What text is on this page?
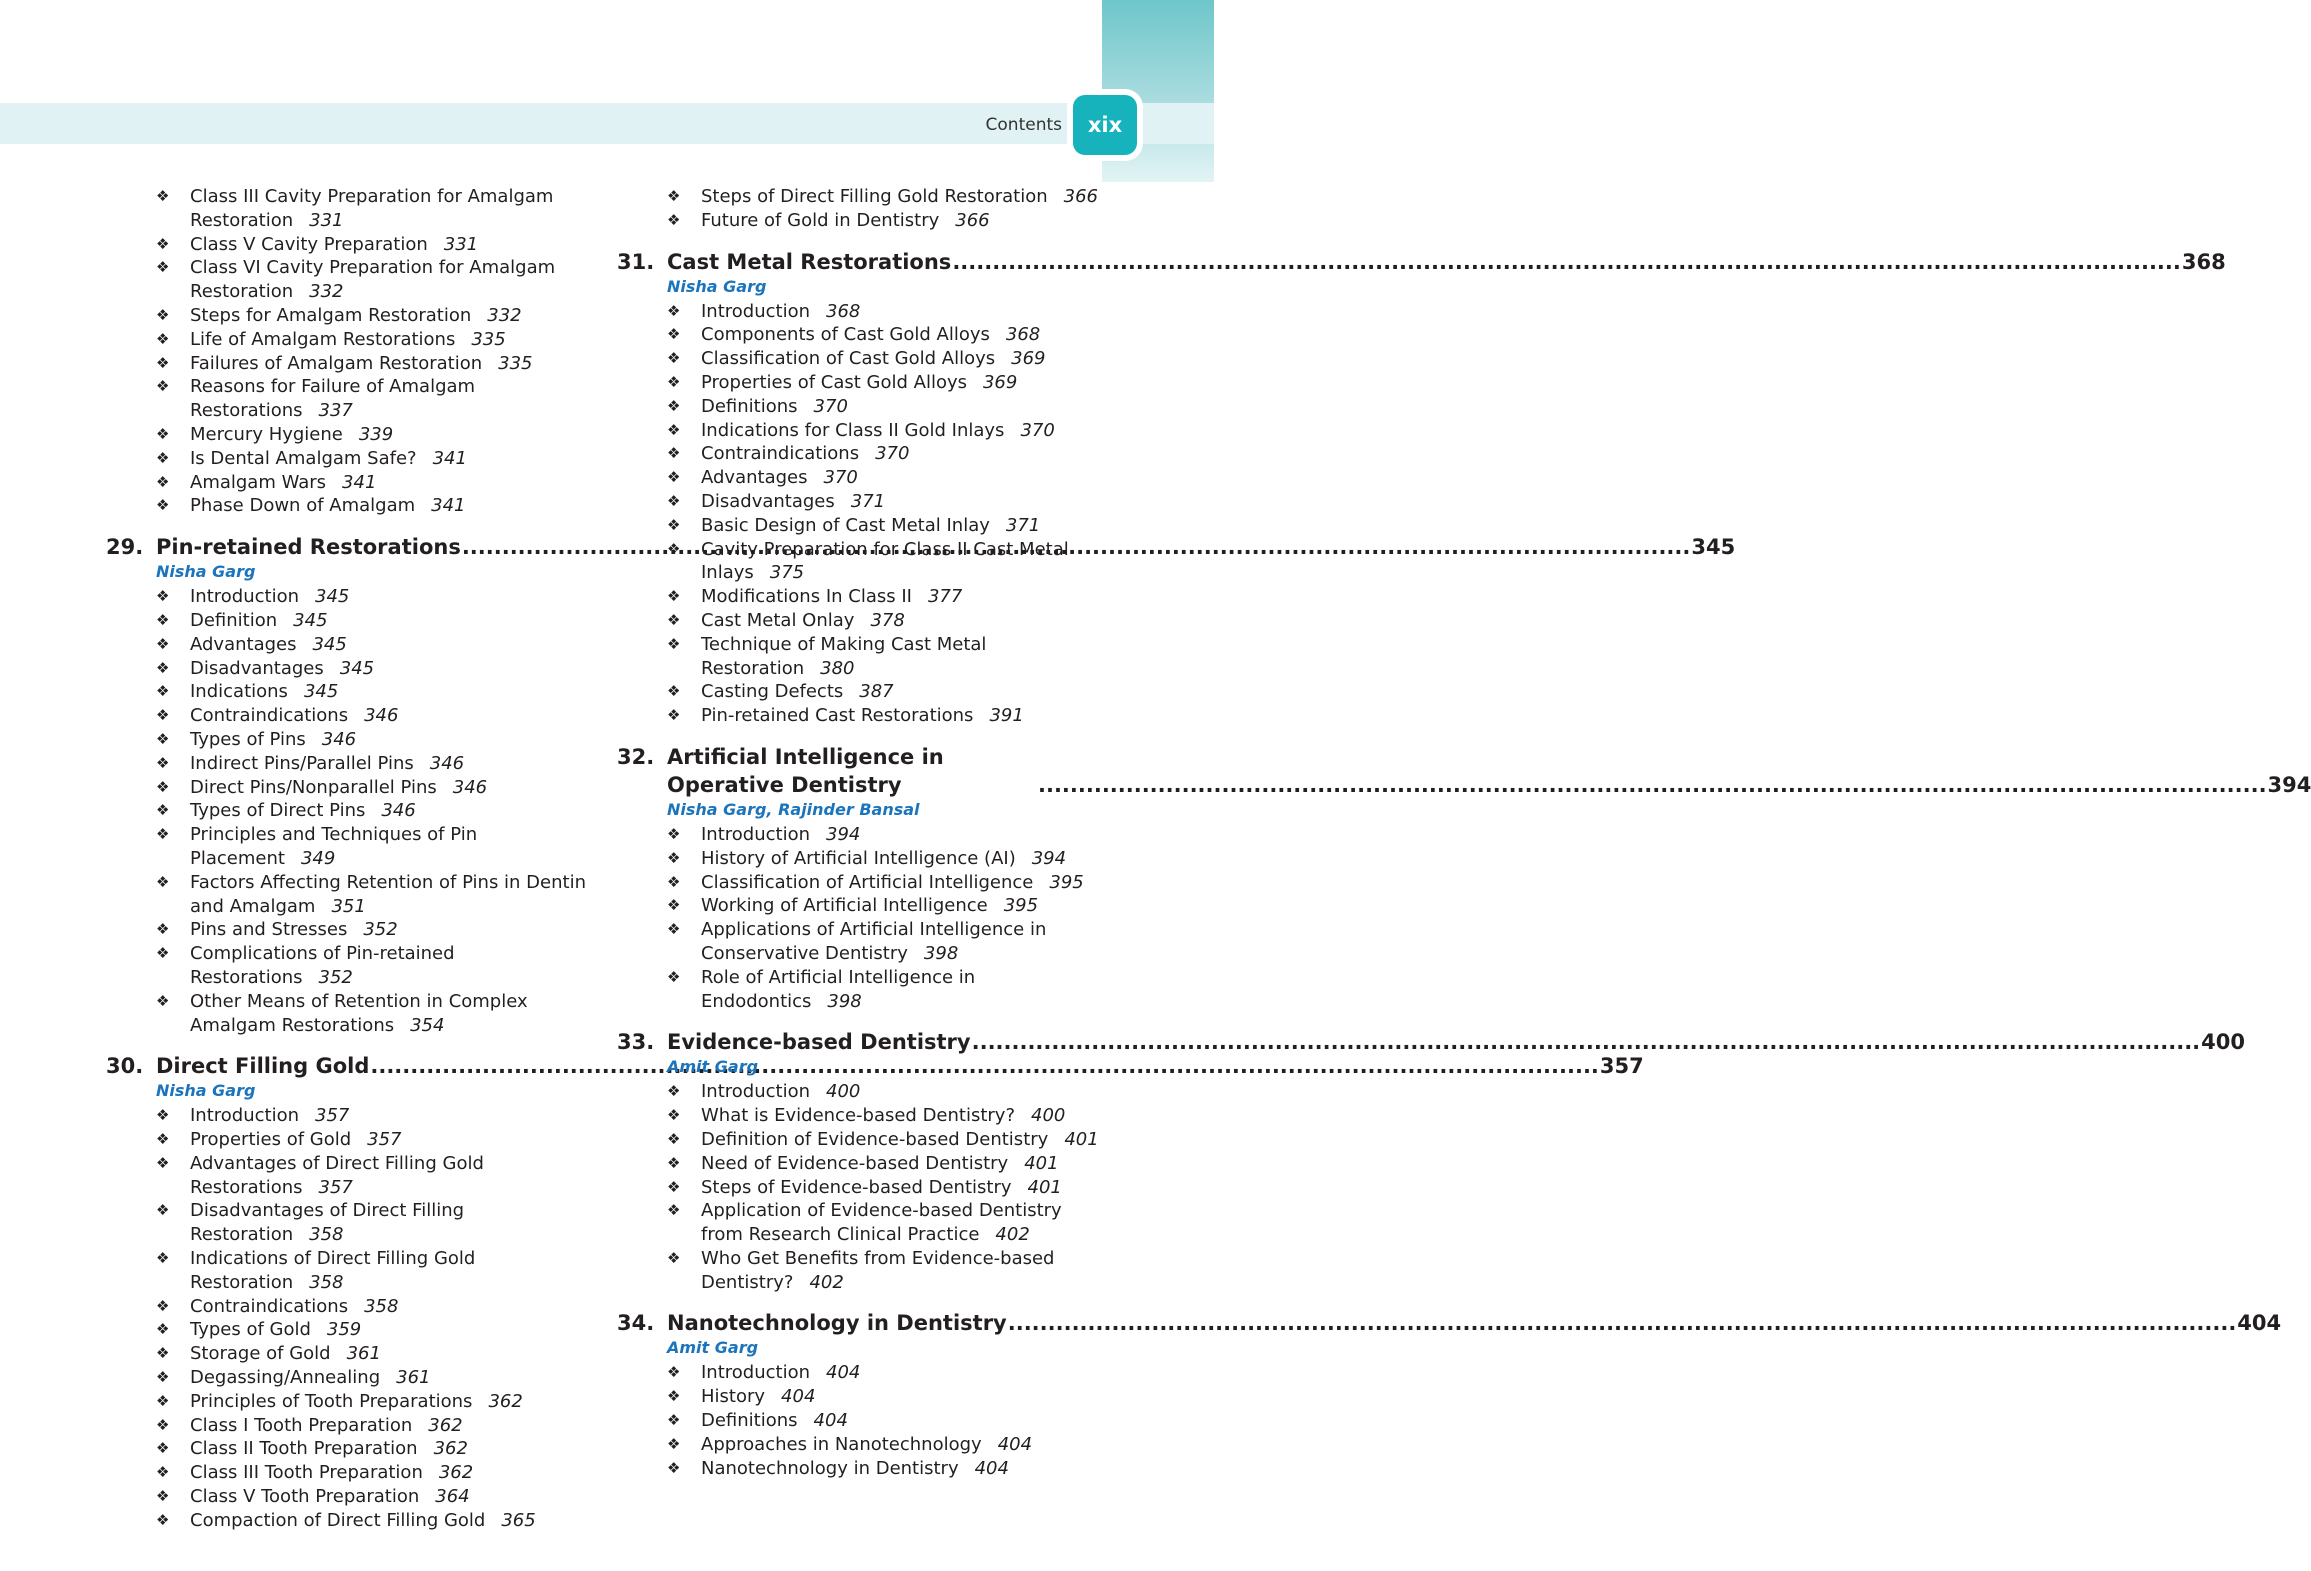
Contents	xix
❖ Class III Cavity Preparation for Amalgam Restoration 331
❖ Class V Cavity Preparation 331
❖ Class VI Cavity Preparation for Amalgam Restoration 332
❖ Steps for Amalgam Restoration 332
❖ Life of Amalgam Restorations 335
❖ Failures of Amalgam Restoration 335
❖ Reasons for Failure of Amalgam Restorations 337
❖ Mercury Hygiene 339
❖ Is Dental Amalgam Safe? 341
❖ Amalgam Wars 341
❖ Phase Down of Amalgam 341
29. Pin-retained Restorations .....	345
Nisha Garg
❖ Introduction 345
❖ Definition 345
❖ Advantages 345
❖ Disadvantages 345
❖ Indications 345
❖ Contraindications 346
❖ Types of Pins 346
❖ Indirect Pins/Parallel Pins 346
❖ Direct Pins/Nonparallel Pins 346
❖ Types of Direct Pins 346
❖ Principles and Techniques of Pin Placement 349
❖ Factors Affecting Retention of Pins in Dentin and Amalgam 351
❖ Pins and Stresses 352
❖ Complications of Pin-retained Restorations 352
❖ Other Means of Retention in Complex Amalgam Restorations 354
30. Direct Filling Gold .....	357
Nisha Garg
❖ Introduction 357
❖ Properties of Gold 357
❖ Advantages of Direct Filling Gold Restorations 357
❖ Disadvantages of Direct Filling Restoration 358
❖ Indications of Direct Filling Gold Restoration 358
❖ Contraindications 358
❖ Types of Gold 359
❖ Storage of Gold 361
❖ Degassing/Annealing 361
❖ Principles of Tooth Preparations 362
❖ Class I Tooth Preparation 362
❖ Class II Tooth Preparation 362
❖ Class III Tooth Preparation 362
❖ Class V Tooth Preparation 364
❖ Compaction of Direct Filling Gold 365
❖ Steps of Direct Filling Gold Restoration 366
❖ Future of Gold in Dentistry 366
31. Cast Metal Restorations .....	368
Nisha Garg
❖ Introduction 368
❖ Components of Cast Gold Alloys 368
❖ Classification of Cast Gold Alloys 369
❖ Properties of Cast Gold Alloys 369
❖ Definitions 370
❖ Indications for Class II Gold Inlays 370
❖ Contraindications 370
❖ Advantages 370
❖ Disadvantages 371
❖ Basic Design of Cast Metal Inlay 371
❖ Cavity Preparation for Class II Cast Metal Inlays 375
❖ Modifications In Class II 377
❖ Cast Metal Onlay 378
❖ Technique of Making Cast Metal Restoration 380
❖ Casting Defects 387
❖ Pin-retained Cast Restorations 391
32. Artificial Intelligence in Operative Dentistry .....	394
Nisha Garg, Rajinder Bansal
❖ Introduction 394
❖ History of Artificial Intelligence (AI) 394
❖ Classification of Artificial Intelligence 395
❖ Working of Artificial Intelligence 395
❖ Applications of Artificial Intelligence in Conservative Dentistry 398
❖ Role of Artificial Intelligence in Endodontics 398
33. Evidence-based Dentistry .....	400
Amit Garg
❖ Introduction 400
❖ What is Evidence-based Dentistry? 400
❖ Definition of Evidence-based Dentistry 401
❖ Need of Evidence-based Dentistry 401
❖ Steps of Evidence-based Dentistry 401
❖ Application of Evidence-based Dentistry from Research Clinical Practice 402
❖ Who Get Benefits from Evidence-based Dentistry? 402
34. Nanotechnology in Dentistry .....	404
Amit Garg
❖ Introduction 404
❖ History 404
❖ Definitions 404
❖ Approaches in Nanotechnology 404
❖ Nanotechnology in Dentistry 404
